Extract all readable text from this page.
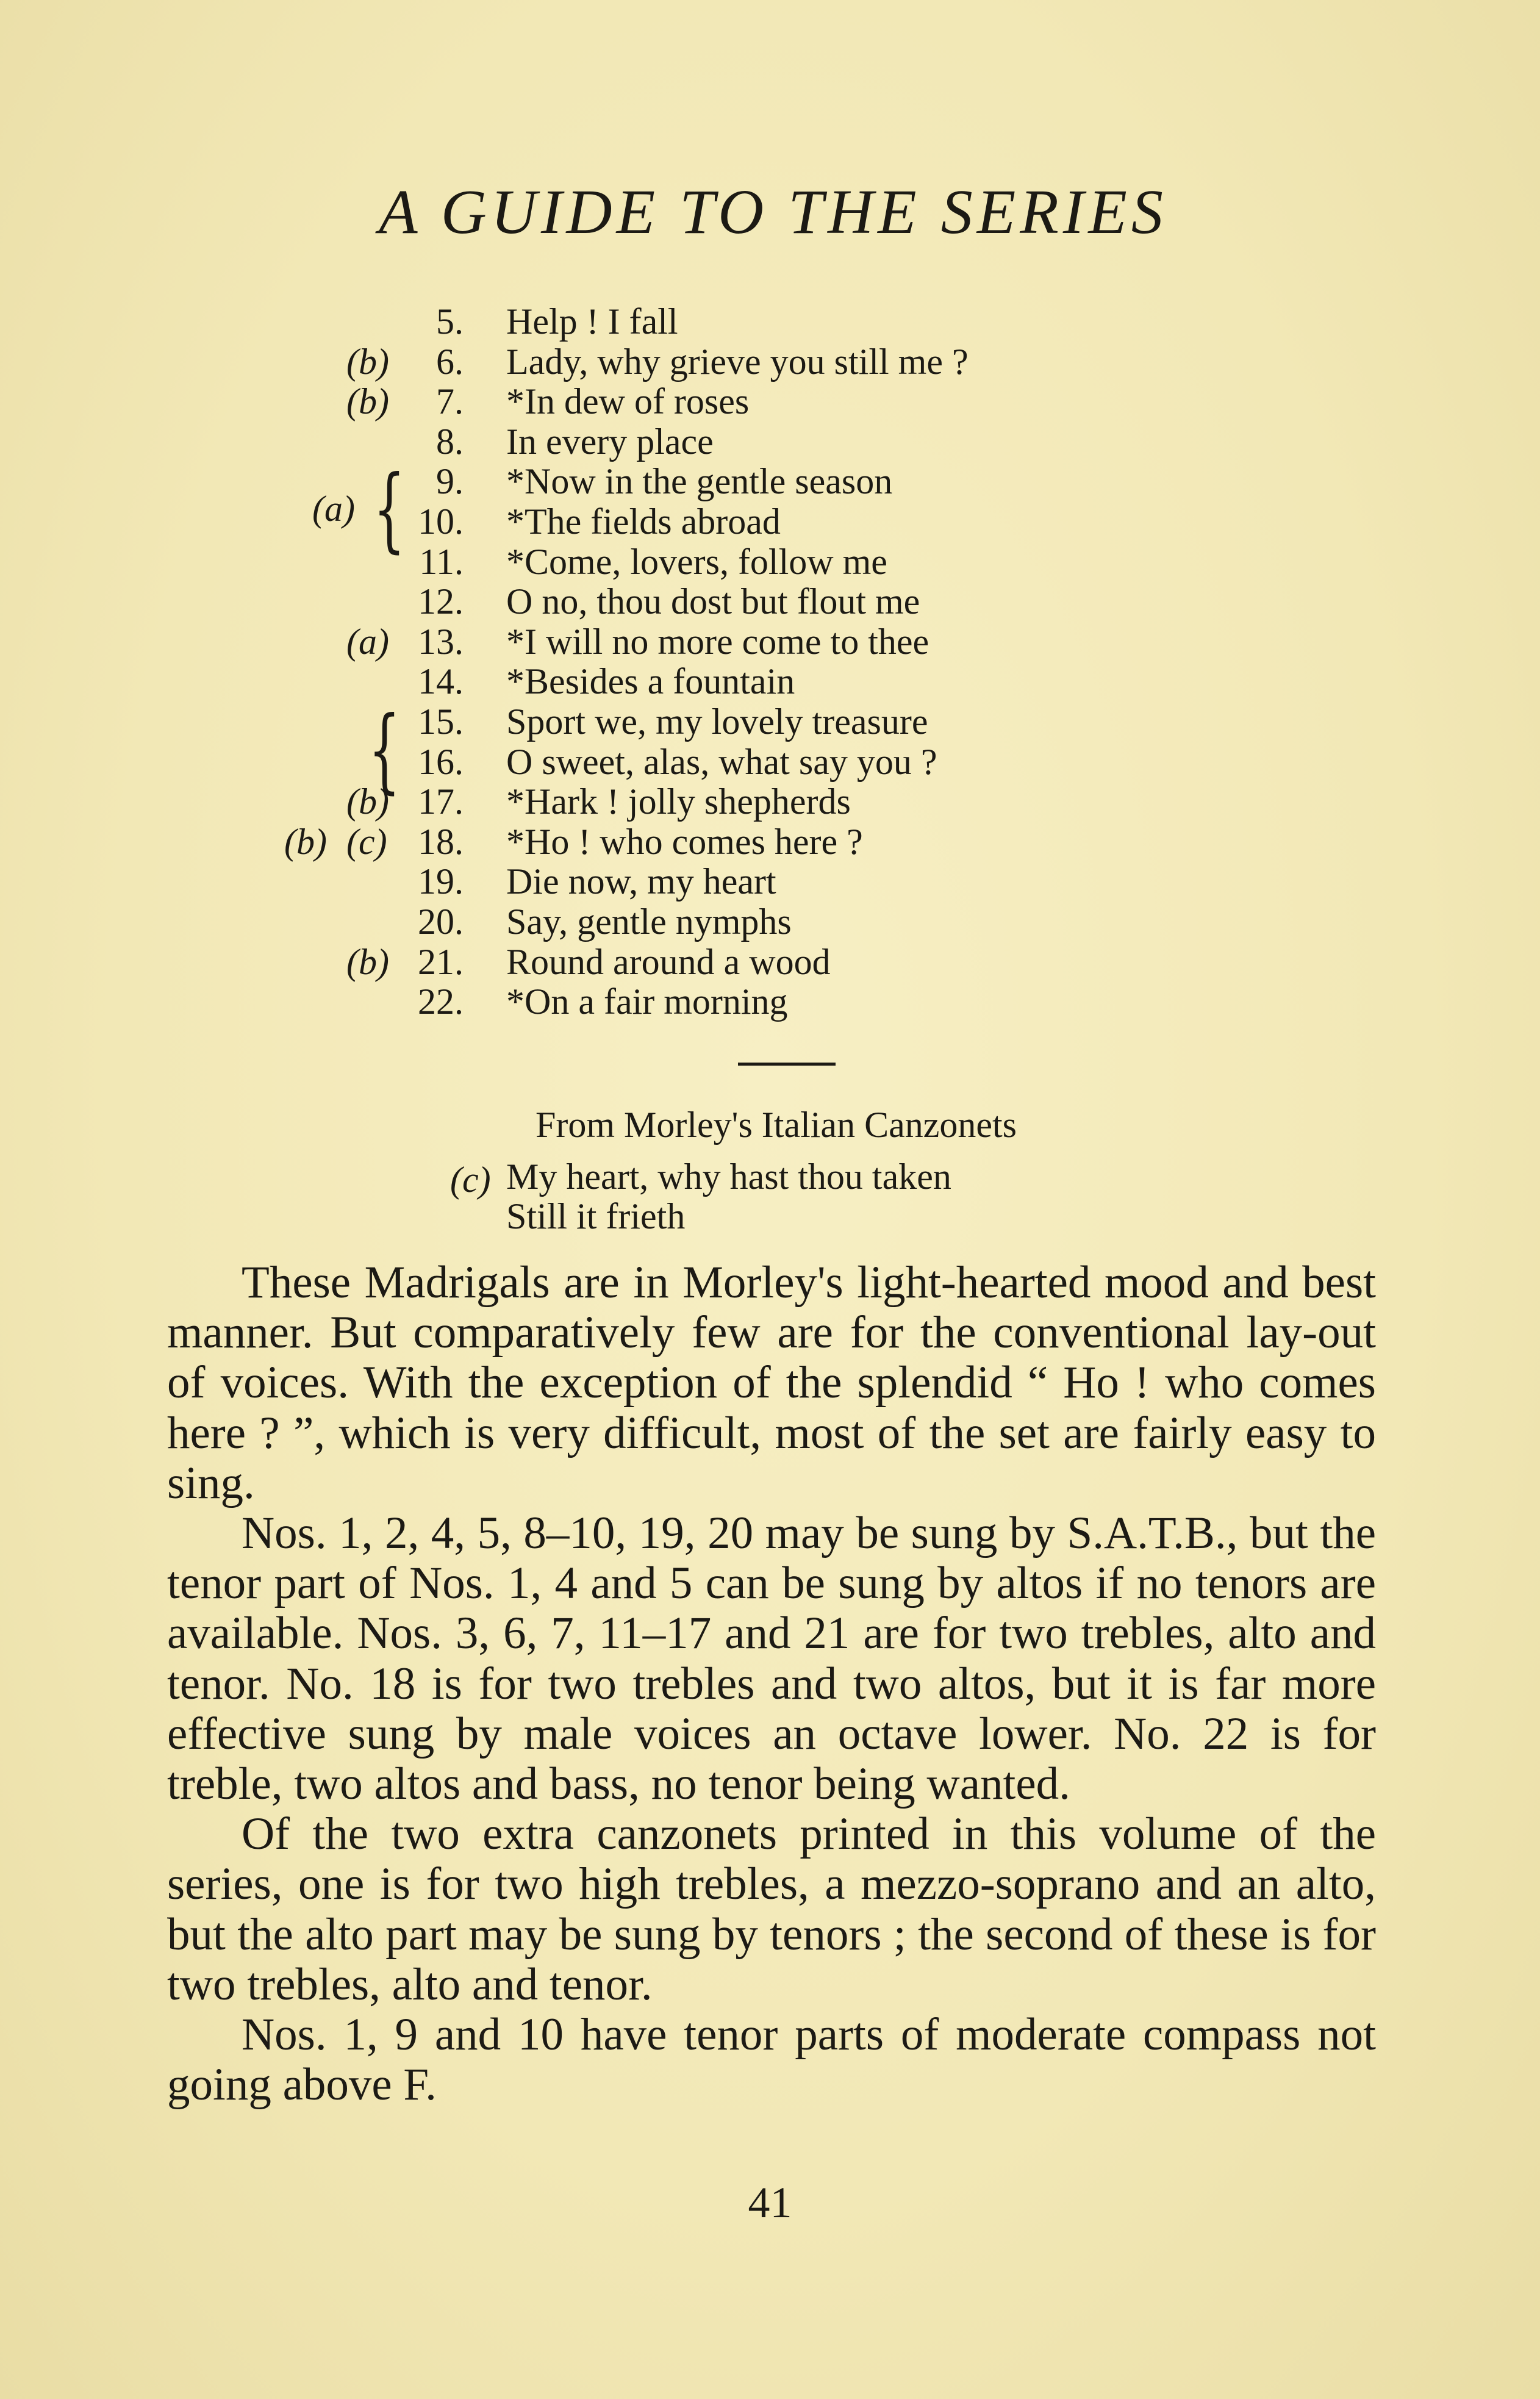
A GUIDE TO THE SERIES
5. Help ! I fall
(b) 6. Lady, why grieve you still me ?
(b) 7. *In dew of roses
8. In every place
9. *Now in the gentle season
10. *The fields abroad
11. *Come, lovers, follow me
12. O no, thou dost but flout me
(a) 13. *I will no more come to thee
14. *Besides a fountain
15. Sport we, my lovely treasure
16. O sweet, alas, what say you ?
(b) 17. *Hark ! jolly shepherds
(b) (c) 18. *Ho ! who comes here ?
19. Die now, my heart
20. Say, gentle nymphs
(b) 21. Round around a wood
22. *On a fair morning
{
(a)
{
From Morley's Italian Canzonets
(c) My heart, why hast thou taken
Still it frieth

These Madrigals are in Morley's light-hearted mood and best manner. But comparatively few are for the conventional lay-out of voices. With the exception of the splendid “ Ho ! who comes here ? ”, which is very difficult, most of the set are fairly easy to sing.

Nos. 1, 2, 4, 5, 8–10, 19, 20 may be sung by S.A.T.B., but the tenor part of Nos. 1, 4 and 5 can be sung by altos if no tenors are available. Nos. 3, 6, 7, 11–17 and 21 are for two trebles, alto and tenor. No. 18 is for two trebles and two altos, but it is far more effective sung by male voices an octave lower. No. 22 is for treble, two altos and bass, no tenor being wanted.

Of the two extra canzonets printed in this volume of the series, one is for two high trebles, a mezzo-soprano and an alto, but the alto part may be sung by tenors ; the second of these is for two trebles, alto and tenor.

Nos. 1, 9 and 10 have tenor parts of moderate compass not going above F.

41
